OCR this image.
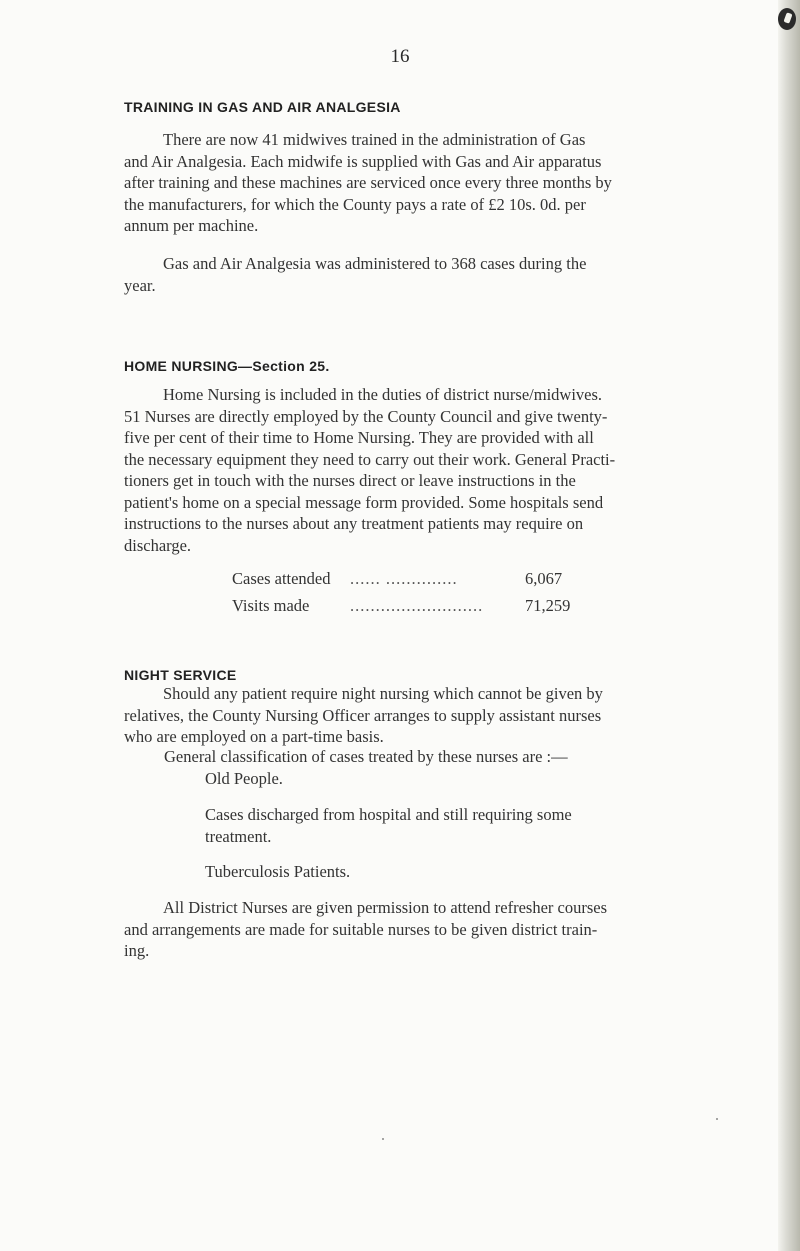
16
TRAINING IN GAS AND AIR ANALGESIA

There are now 41 midwives trained in the administration of Gas
and Air Analgesia. Each midwife is supplied with Gas and Air apparatus
after training and these machines are serviced once every three months by
the manufacturers, for which the County pays a rate of £2 10s. 0d. per
annum per machine.

Gas and Air Analgesia was administered to 368 cases during the
year.

HOME NURSING—Section 25.

Home Nursing is included in the duties of district nurse/midwives.
51 Nurses are directly employed by the County Council and give twenty-
five per cent of their time to Home Nursing. They are provided with all
the necessary equipment they need to carry out their work. General Practi-
tioners get in touch with the nurses direct or leave instructions in the
patient's home on a special message form provided. Some hospitals send
instructions to the nurses about any treatment patients may require on
discharge.

Cases attended ...... ..............	6,067
Visits made ..........................	71,259
NIGHT SERVICE

Should any patient require night nursing which cannot be given by
relatives, the County Nursing Officer arranges to supply assistant nurses
who are employed on a part-time basis.

General classification of cases treated by these nurses are :—
Old People.
Cases discharged from hospital and still requiring some
treatment.
Tuberculosis Patients.

All District Nurses are given permission to attend refresher courses
and arrangements are made for suitable nurses to be given district train-
ing.
